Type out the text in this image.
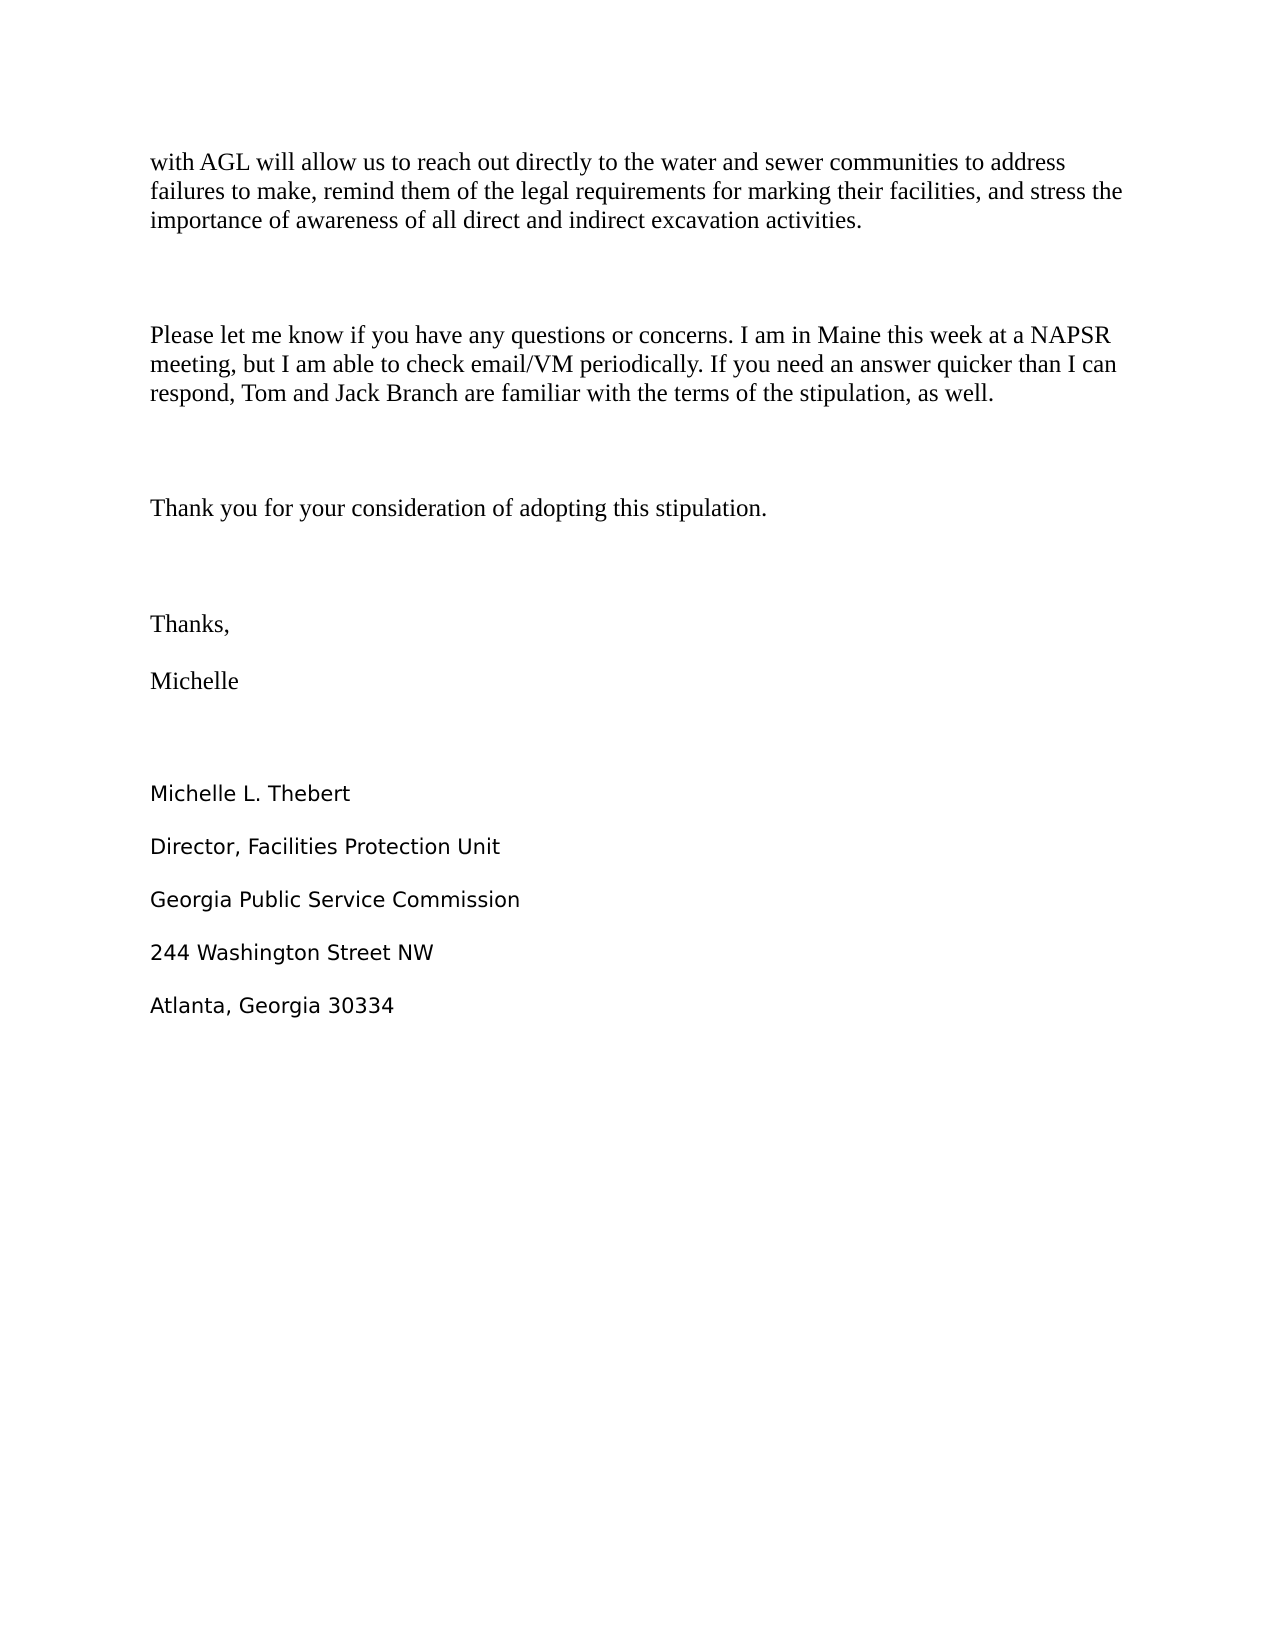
with AGL will allow us to reach out directly to the water and sewer communities to address
failures to make, remind them of the legal requirements for marking their facilities, and stress the
importance of awareness of all direct and indirect excavation activities.

Please let me know if you have any questions or concerns. I am in Maine this week at a NAPSR
meeting, but I am able to check email/VM periodically. If you need an answer quicker than I can
respond, Tom and Jack Branch are familiar with the terms of the stipulation, as well.

Thank you for your consideration of adopting this stipulation.

Thanks,

Michelle

Michelle L. Thebert

Director, Facilities Protection Unit

Georgia Public Service Commission

244 Washington Street NW

Atlanta, Georgia 30334
